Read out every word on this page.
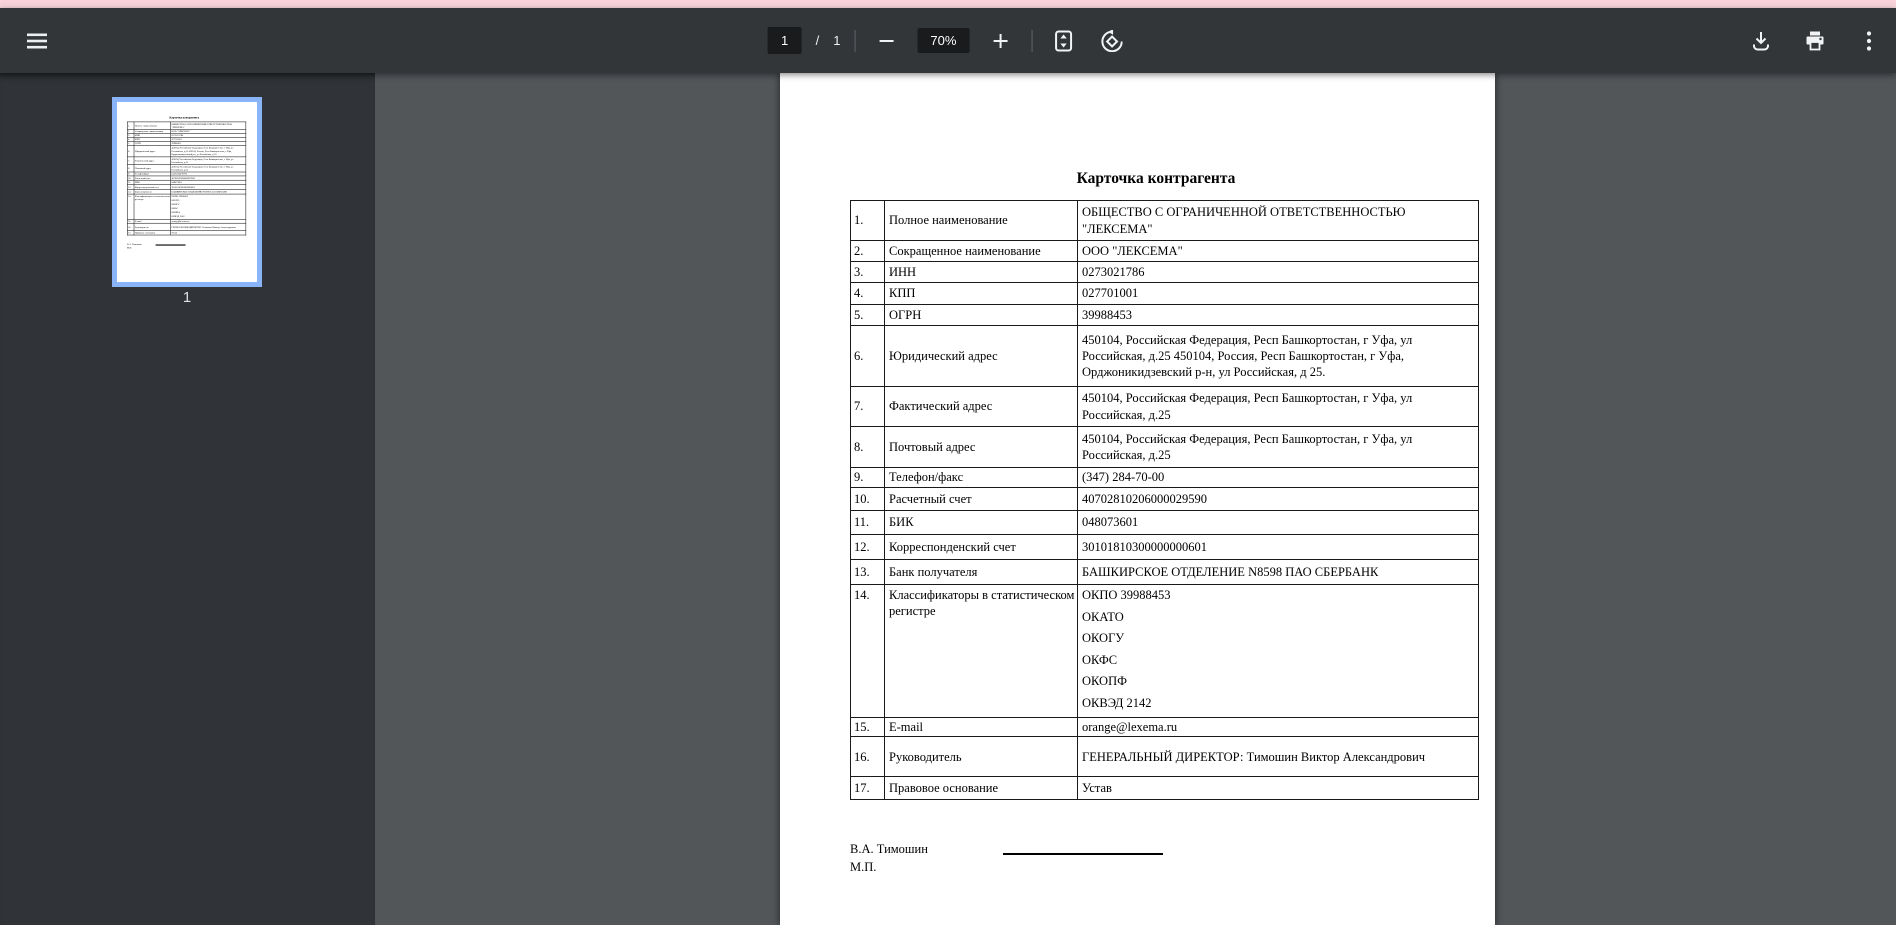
1
/ 1	70%
Карточка контрагента
1.	Полное наименование	ОБЩЕСТВО С ОГРАНИЧЕННОЙ ОТВЕТСТВЕННОСТЬЮ "ЛЕКСЕМА"
2.	Сокращенное наименование	ООО "ЛЕКСЕМА"
3.	ИНН	0273021786
4.	КПП	027701001
5.	ОГРН	39988453
6.	Юридический адрес	450104, Российская Федерация, Респ Башкортостан, г Уфа, ул Российская, д.25 450104, Россия, Респ Башкортостан, г Уфа, Орджоникидзевский р-н, ул Российская, д 25.
7.	Фактический адрес	450104, Российская Федерация, Респ Башкортостан, г Уфа, ул Российская, д.25
8.	Почтовый адрес	450104, Российская Федерация, Респ Башкортостан, г Уфа, ул Российская, д.25
9.	Телефон/факс	(347) 284-70-00
10.	Расчетный счет	40702810206000029590
11.	БИК	048073601
12.	Корреспонденский счет	30101810300000000601
13.	Банк получателя	БАШКИРСКОЕ ОТДЕЛЕНИЕ N8598 ПАО СБЕРБАНК
14.	Классификаторы в статистическом регистре	
ОКПО 39988453
ОКАТО
ОКОГУ
ОКФС
ОКОПФ
ОКВЭД 2142

15.	E-mail	orange@lexema.ru
16.	Руководитель	ГЕНЕРАЛЬНЫЙ ДИРЕКТОР: Тимошин Виктор Александрович
17.	Правовое основание	Устав
В.А. Тимошин
М.П.
1
Карточка контрагента
1.	Полное наименование	ОБЩЕСТВО С ОГРАНИЧЕННОЙ ОТВЕТСТВЕННОСТЬЮ "ЛЕКСЕМА"
2.	Сокращенное наименование	ООО "ЛЕКСЕМА"
3.	ИНН	0273021786
4.	КПП	027701001
5.	ОГРН	39988453
6.	Юридический адрес	450104, Российская Федерация, Респ Башкортостан, г Уфа, ул Российская, д.25 450104, Россия, Респ Башкортостан, г Уфа, Орджоникидзевский р-н, ул Российская, д 25.
7.	Фактический адрес	450104, Российская Федерация, Респ Башкортостан, г Уфа, ул Российская, д.25
8.	Почтовый адрес	450104, Российская Федерация, Респ Башкортостан, г Уфа, ул Российская, д.25
9.	Телефон/факс	(347) 284-70-00
10.	Расчетный счет	40702810206000029590
11.	БИК	048073601
12.	Корреспонденский счет	30101810300000000601
13.	Банк получателя	БАШКИРСКОЕ ОТДЕЛЕНИЕ N8598 ПАО СБЕРБАНК
14.	Классификаторы в статистическом регистре	
ОКПО 39988453
ОКАТО
ОКОГУ
ОКФС
ОКОПФ
ОКВЭД 2142

15.	E-mail	orange@lexema.ru
16.	Руководитель	ГЕНЕРАЛЬНЫЙ ДИРЕКТОР: Тимошин Виктор Александрович
17.	Правовое основание	Устав
В.А. Тимошин
М.П.
